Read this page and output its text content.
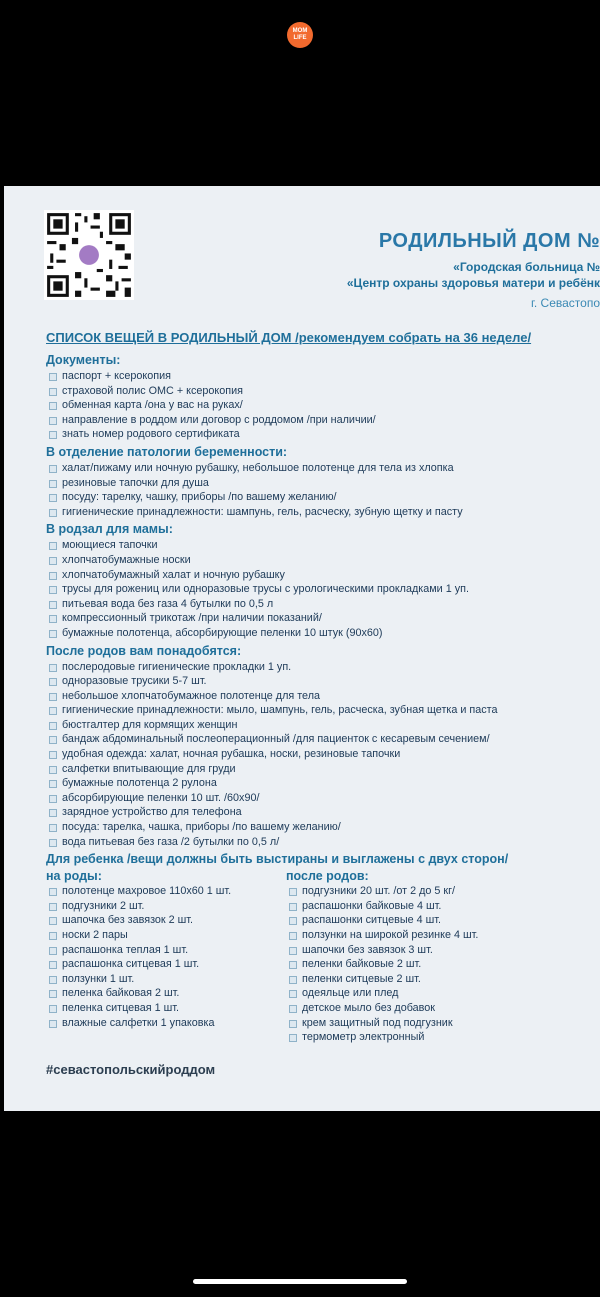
MOM LIFE
РОДИЛЬНЫЙ ДОМ №
«Городская больница №
«Центр охраны здоровья матери и ребёнк
г. Севастопо
СПИСОК ВЕЩЕЙ В РОДИЛЬНЫЙ ДОМ /рекомендуем собрать на 36 неделе/
Документы:
паспорт + ксерокопия
страховой полис ОМС + ксерокопия
обменная карта /она у вас на руках/
направление в роддом или договор с роддомом /при наличии/
знать номер родового сертификата
В отделение патологии беременности:
халат/пижаму или ночную рубашку, небольшое полотенце для тела из хлопка
резиновые тапочки для душа
посуду: тарелку, чашку, приборы /по вашему желанию/
гигиенические принадлежности: шампунь, гель, расческу, зубную щетку и пасту
В родзал для мамы:
моющиеся тапочки
хлопчатобумажные носки
хлопчатобумажный халат и ночную рубашку
трусы для рожениц или одноразовые трусы с урологическими прокладками 1 уп.
питьевая вода без газа 4 бутылки по 0,5 л
компрессионный трикотаж /при наличии показаний/
бумажные полотенца, абсорбирующие пеленки 10 штук (90х60)
После родов вам понадобятся:
послеродовые гигиенические прокладки 1 уп.
одноразовые трусики 5-7 шт.
небольшое хлопчатобумажное полотенце для тела
гигиенические принадлежности: мыло, шампунь, гель, расческа, зубная щетка и паста
бюстгалтер для кормящих женщин
бандаж абдоминальный послеоперационный /для пациенток с кесаревым сечением/
удобная одежда: халат, ночная рубашка, носки, резиновые тапочки
салфетки впитывающие для груди
бумажные полотенца 2 рулона
абсорбирующие пеленки 10 шт. /60х90/
зарядное устройство для телефона
посуда: тарелка, чашка, приборы /по вашему желанию/
вода питьевая без газа /2 бутылки по 0,5 л/
Для ребенка /вещи должны быть выстираны и выглажены с двух сторон/
на роды:
полотенце махровое 110х60 1 шт.
подгузники 2 шт.
шапочка без завязок 2 шт.
носки 2 пары
распашонка теплая 1 шт.
распашонка ситцевая 1 шт.
ползунки 1 шт.
пеленка байковая 2 шт.
пеленка ситцевая 1 шт.
влажные салфетки 1 упаковка
после родов:
подгузники 20 шт. /от 2 до 5 кг/
распашонки байковые 4 шт.
распашонки ситцевые 4 шт.
ползунки на широкой резинке 4 шт.
шапочки без завязок 3 шт.
пеленки байковые 2 шт.
пеленки ситцевые 2 шт.
одеяльце или плед
детское мыло без добавок
крем защитный под подгузник
термометр электронный
#севастопольскийроддом
